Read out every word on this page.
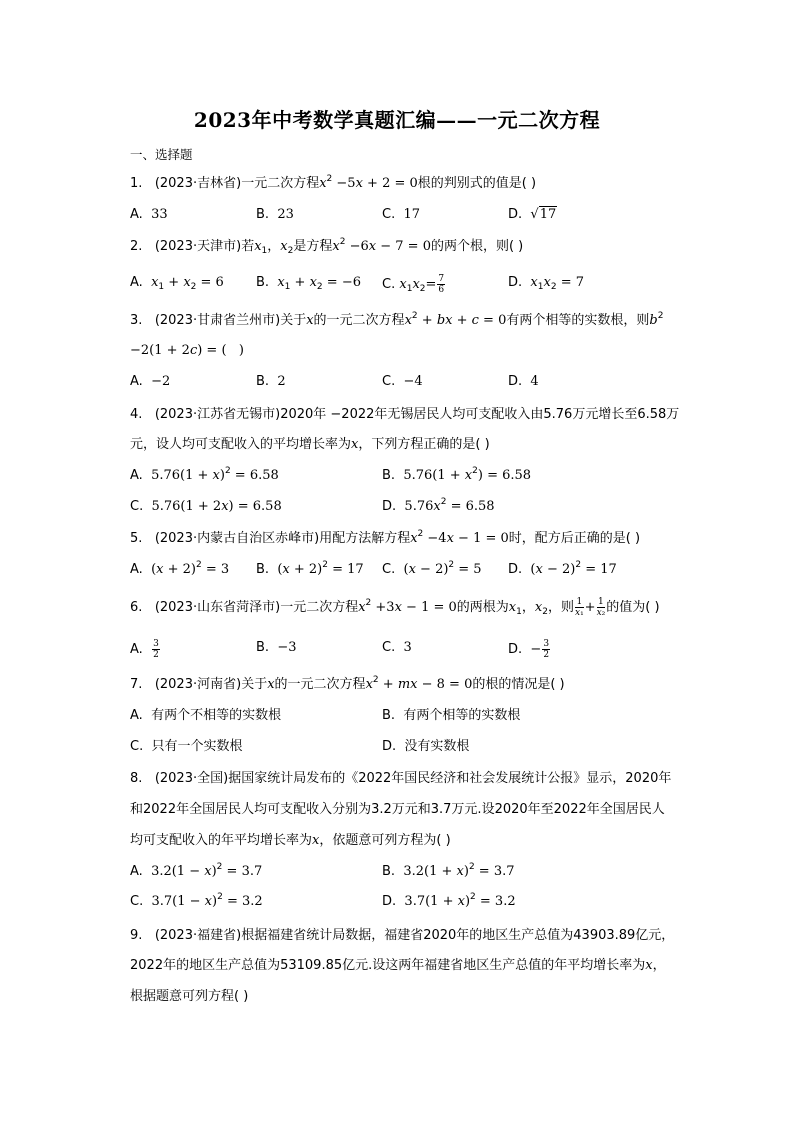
2023年中考数学真题汇编——一元二次方程
一、选择题
1. (2023·吉林省)一元二次方程$x^2 -5x + 2 = 0$根的判别式的值是( )
A. 33	B. 23	C. 17	D. √17
2. (2023·天津市)若$x_1$，$x_2$是方程$x^2 -6x - 7 = 0$的两个根，则( )
A. $x_1 + x_2 = 6$ B. $x_1 + x_2 = -6$ C. $x_1x_2= \frac{7}{6}$	D. $x_1x_2 = 7$
3. (2023·甘肃省兰州市)关于x的一元二次方程$x^2$ + bx + c = 0有两个相等的实数根，则$b^2$
−2(1 + 2c) = (   )
A. −2	B. 2	C. −4	D. 4
4. (2023·江苏省无锡市)2020年 −2022年无锡居民人均可支配收入由5.76万元增长至6.58万
元，设人均可支配收入的平均增长率为x，下列方程正确的是( )
A. $5.76(1 + x)^2 = 6.58$	B. $5.76(1 + x^2) = 6.58$
C. 5.76(1 + 2x) = 6.58	D. $5.76x^2 = 6.58$
5. (2023·内蒙古自治区赤峰市)用配方法解方程$x^2 -4x - 1 = 0$时，配方后正确的是( )
A. $(x + 2)^2 = 3$ B. $(x + 2)^2 = 17$ C. $(x - 2)^2 = 5$ D. $(x - 2)^2 = 17$
6. (2023·山东省菏泽市)一元二次方程$x^2 +3x - 1 = 0$的两根为$x_1$，$x_2$，则 $\frac{1}{\text{x₁}} + \frac{1}{\text{x₂}}$ 的值为( )
A. $\frac{3}{2}$	B. −3	C. 3	D. − $\frac{3}{2}$
7. (2023·河南省)关于x的一元二次方程$x^2$ + mx − 8 = 0的根的情况是( )
A. 有两个不相等的实数根	B. 有两个相等的实数根
C. 只有一个实数根	D. 没有实数根
8. (2023·全国)据国家统计局发布的《2022年国民经济和社会发展统计公报》显示，2020年
和2022年全国居民人均可支配收入分别为3.2万元和3.7万元.设2020年至2022年全国居民人
均可支配收入的年平均增长率为x，依题意可列方程为( )
A. $3.2(1 - x)^2 = 3.7$	B. $3.2(1 + x)^2 = 3.7$
C. $3.7(1 - x)^2 = 3.2$	D. $3.7(1 + x)^2 = 3.2$
9. (2023·福建省)根据福建省统计局数据，福建省2020年的地区生产总值为43903.89亿元，
2022年的地区生产总值为53109.85亿元.设这两年福建省地区生产总值的年平均增长率为x，
根据题意可列方程( )
